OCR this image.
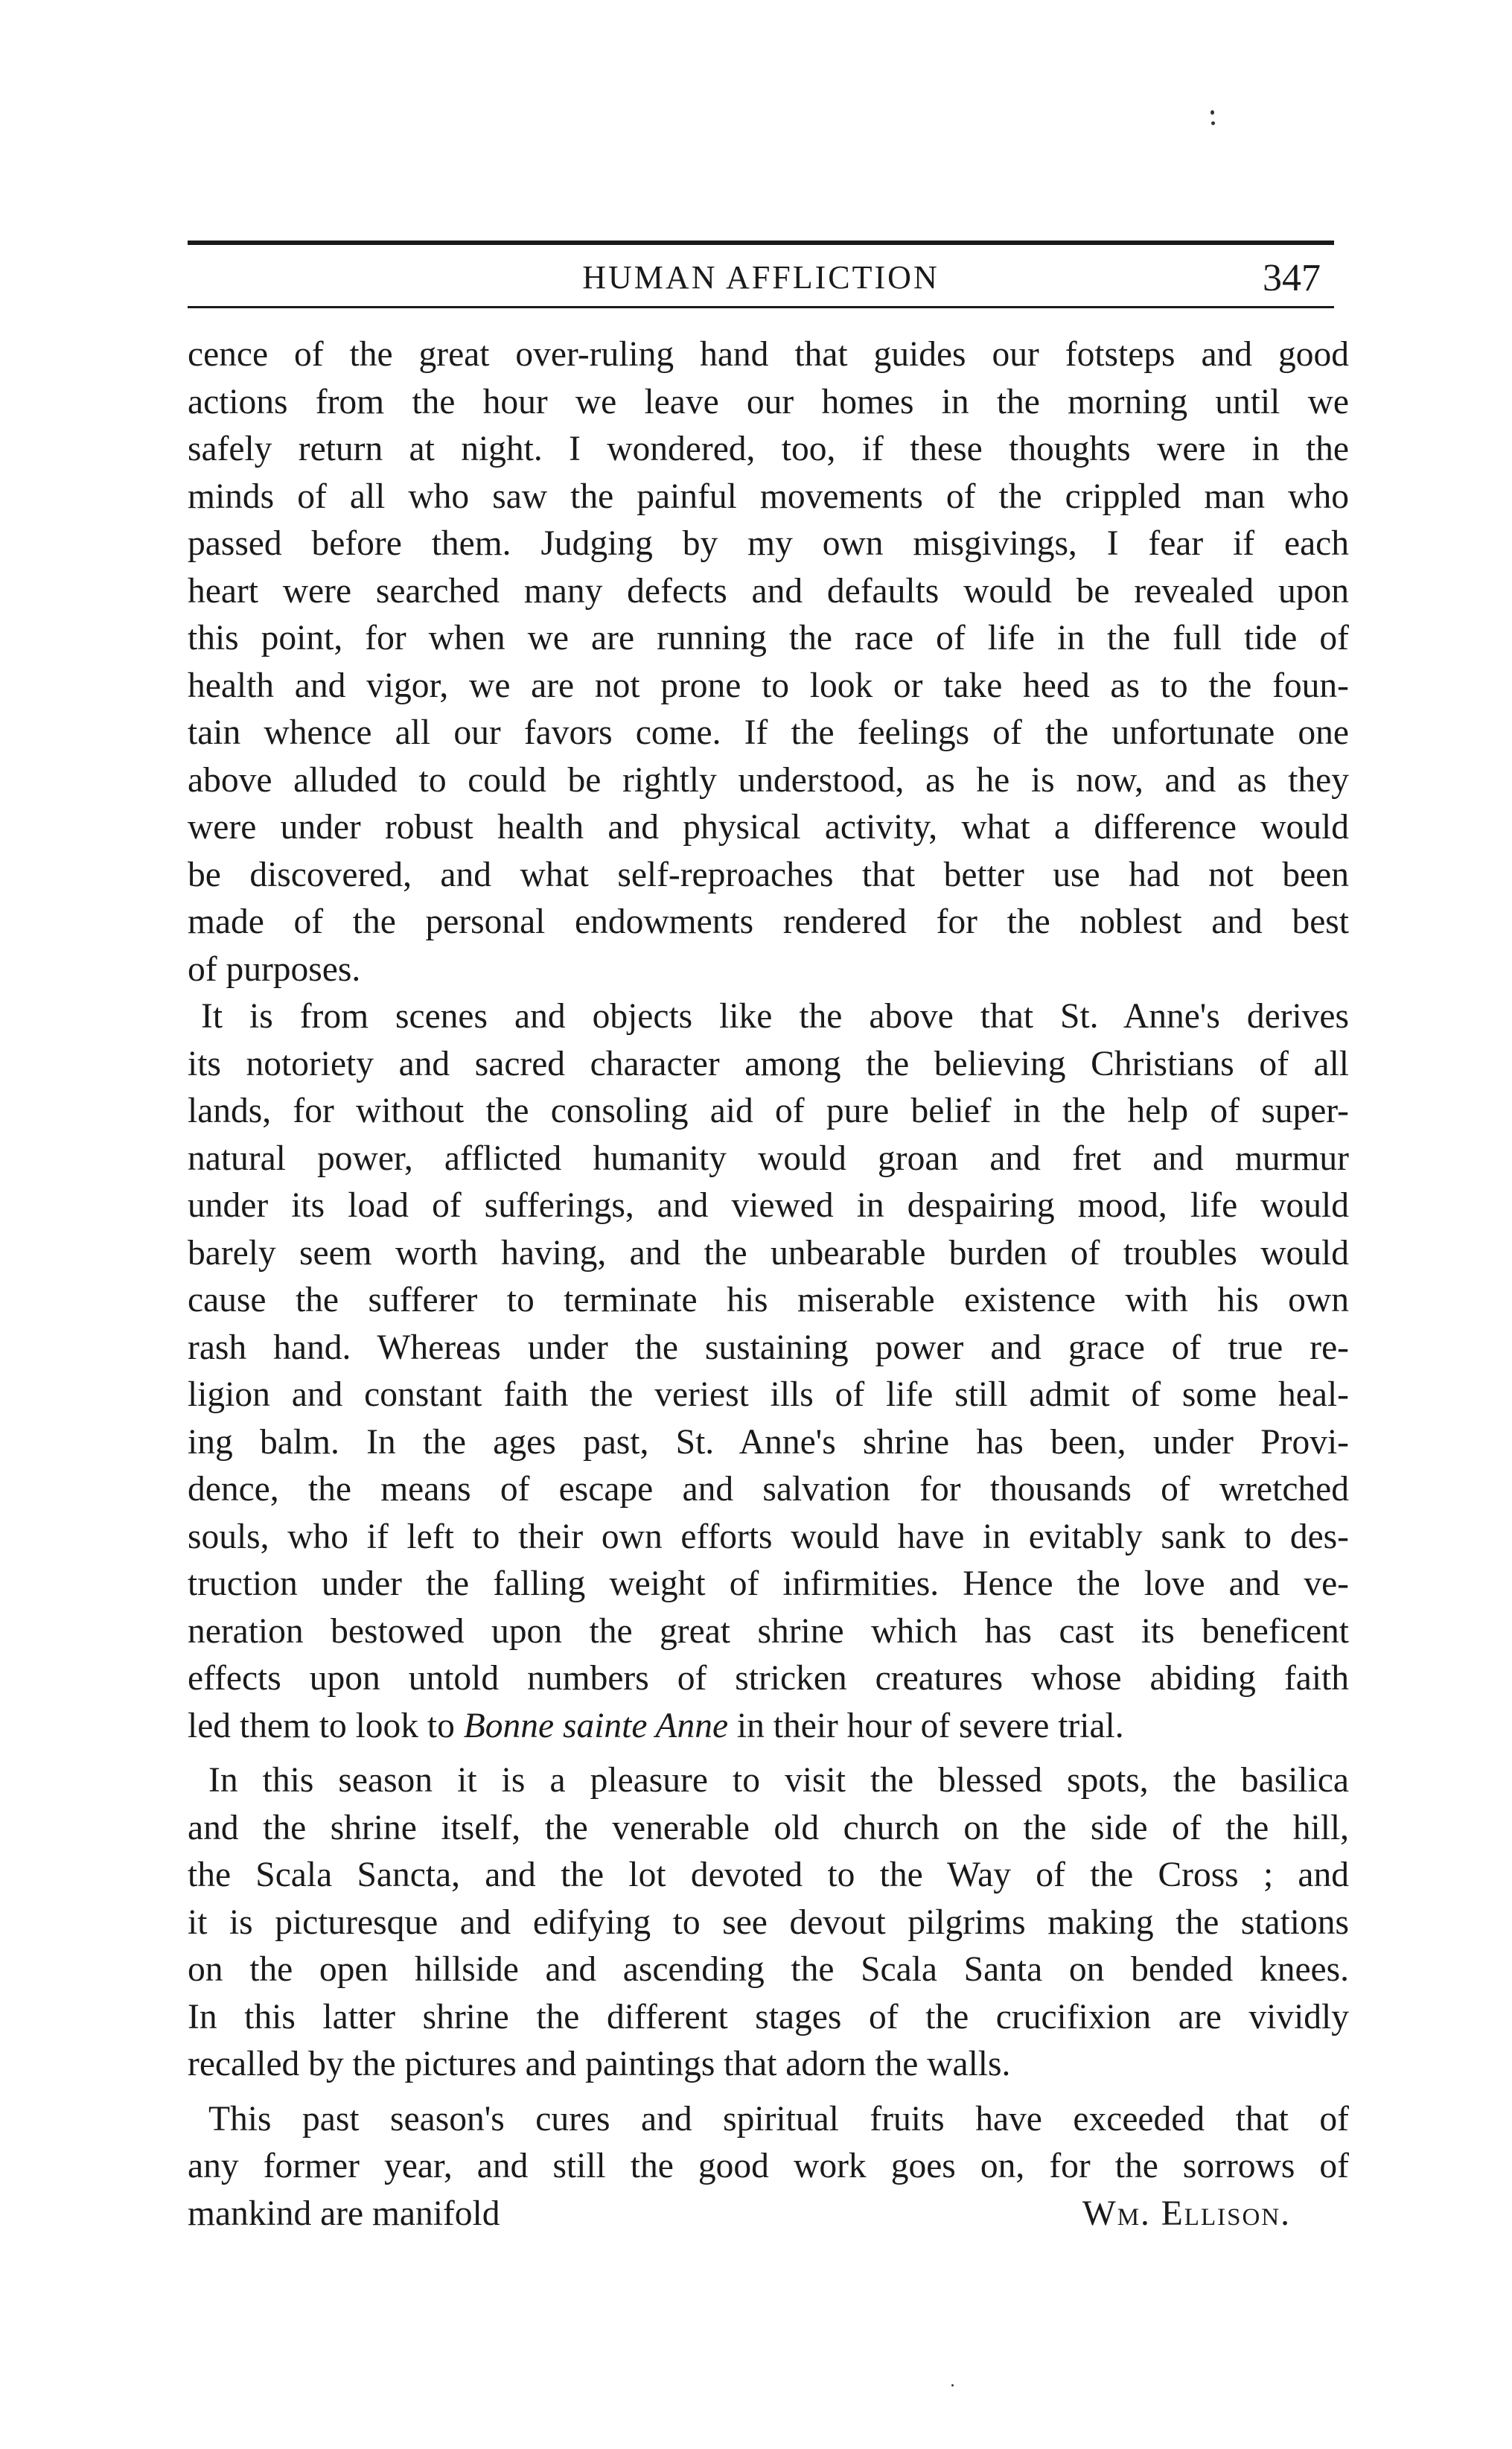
HUMAN AFFLICTION	347
cence of the great over-ruling hand that guides our fotsteps and good
actions from the hour we leave our homes in the morning until we
safely return at night. I wondered, too, if these thoughts were in the
minds of all who saw the painful movements of the crippled man who
passed before them. Judging by my own misgivings, I fear if each
heart were searched many defects and defaults would be revealed upon
this point, for when we are running the race of life in the full tide of
health and vigor, we are not prone to look or take heed as to the foun-
tain whence all our favors come. If the feelings of the unfortunate one
above alluded to could be rightly understood, as he is now, and as they
were under robust health and physical activity, what a difference would
be discovered, and what self-reproaches that better use had not been
made of the personal endowments rendered for the noblest and best
of purposes.
It is from scenes and objects like the above that St. Anne's derives
its notoriety and sacred character among the believing Christians of all
lands, for without the consoling aid of pure belief in the help of super-
natural power, afflicted humanity would groan and fret and murmur
under its load of sufferings, and viewed in despairing mood, life would
barely seem worth having, and the unbearable burden of troubles would
cause the sufferer to terminate his miserable existence with his own
rash hand. Whereas under the sustaining power and grace of true re-
ligion and constant faith the veriest ills of life still admit of some heal-
ing balm. In the ages past, St. Anne's shrine has been, under Provi-
dence, the means of escape and salvation for thousands of wretched
souls, who if left to their own efforts would have in evitably sank to des-
truction under the falling weight of infirmities. Hence the love and ve-
neration bestowed upon the great shrine which has cast its beneficent
effects upon untold numbers of stricken creatures whose abiding faith
led them to look to Bonne sainte Anne in their hour of severe trial.
In this season it is a pleasure to visit the blessed spots, the basilica
and the shrine itself, the venerable old church on the side of the hill,
the Scala Sancta, and the lot devoted to the Way of the Cross ; and
it is picturesque and edifying to see devout pilgrims making the stations
on the open hillside and ascending the Scala Santa on bended knees.
In this latter shrine the different stages of the crucifixion are vividly
recalled by the pictures and paintings that adorn the walls.
This past season's cures and spiritual fruits have exceeded that of
any former year, and still the good work goes on, for the sorrows of
mankind are manifold	Wm. Ellison.
